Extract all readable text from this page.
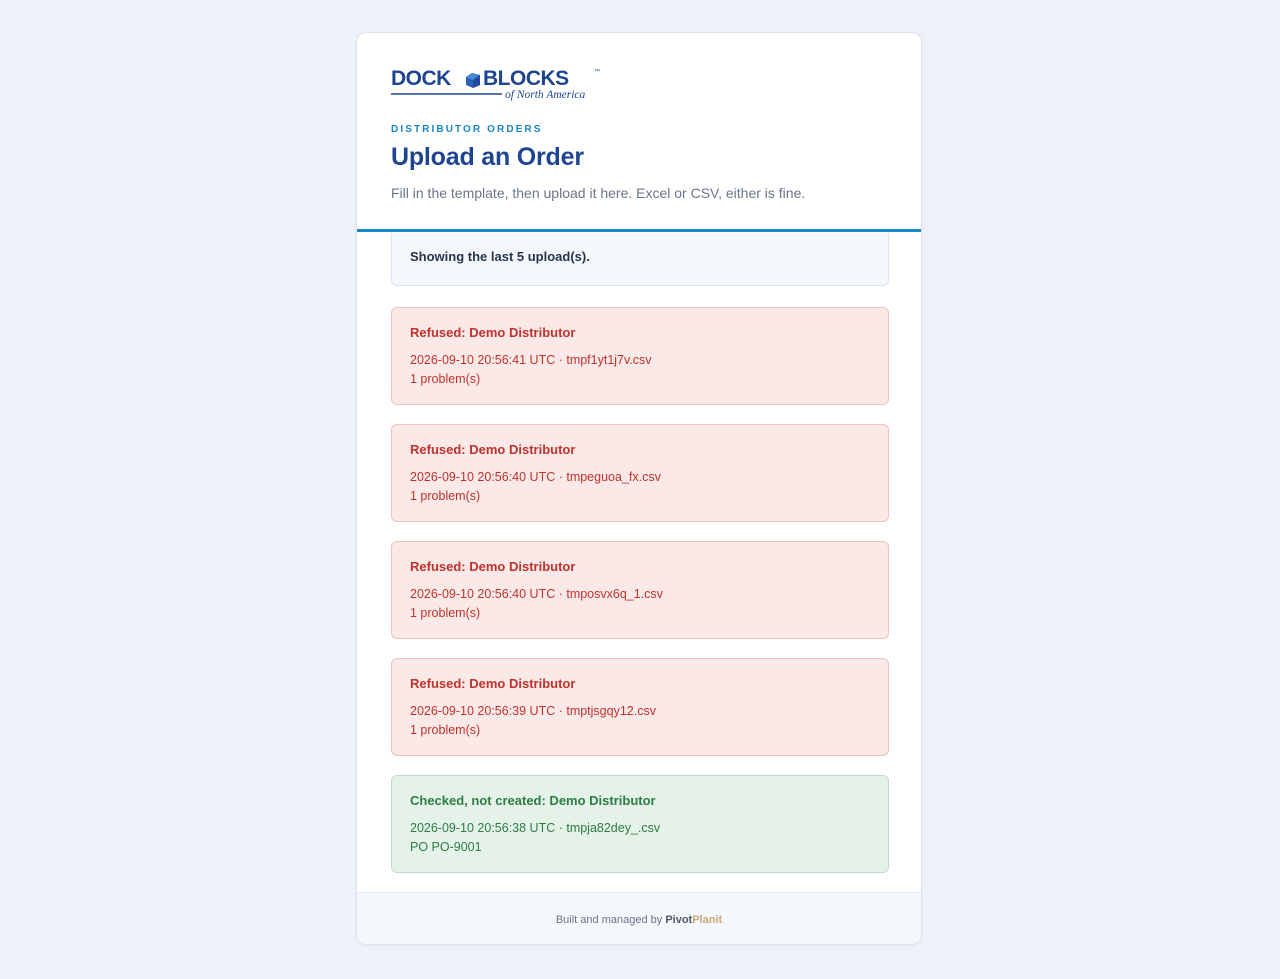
DOCK BLOCKS	™
of North America
DISTRIBUTOR ORDERS
Upload an Order
Fill in the template, then upload it here. Excel or CSV, either is fine.
Showing the last 5 upload(s).
Refused: Demo Distributor
2026-09-10 20:56:41 UTC · tmpf1yt1j7v.csv
1 problem(s)
Refused: Demo Distributor
2026-09-10 20:56:40 UTC · tmpeguoa_fx.csv
1 problem(s)
Refused: Demo Distributor
2026-09-10 20:56:40 UTC · tmposvx6q_1.csv
1 problem(s)
Refused: Demo Distributor
2026-09-10 20:56:39 UTC · tmptjsgqy12.csv
1 problem(s)
Checked, not created: Demo Distributor
2026-09-10 20:56:38 UTC · tmpja82dey_.csv
PO PO-9001
Built and managed by PivotPlanit
